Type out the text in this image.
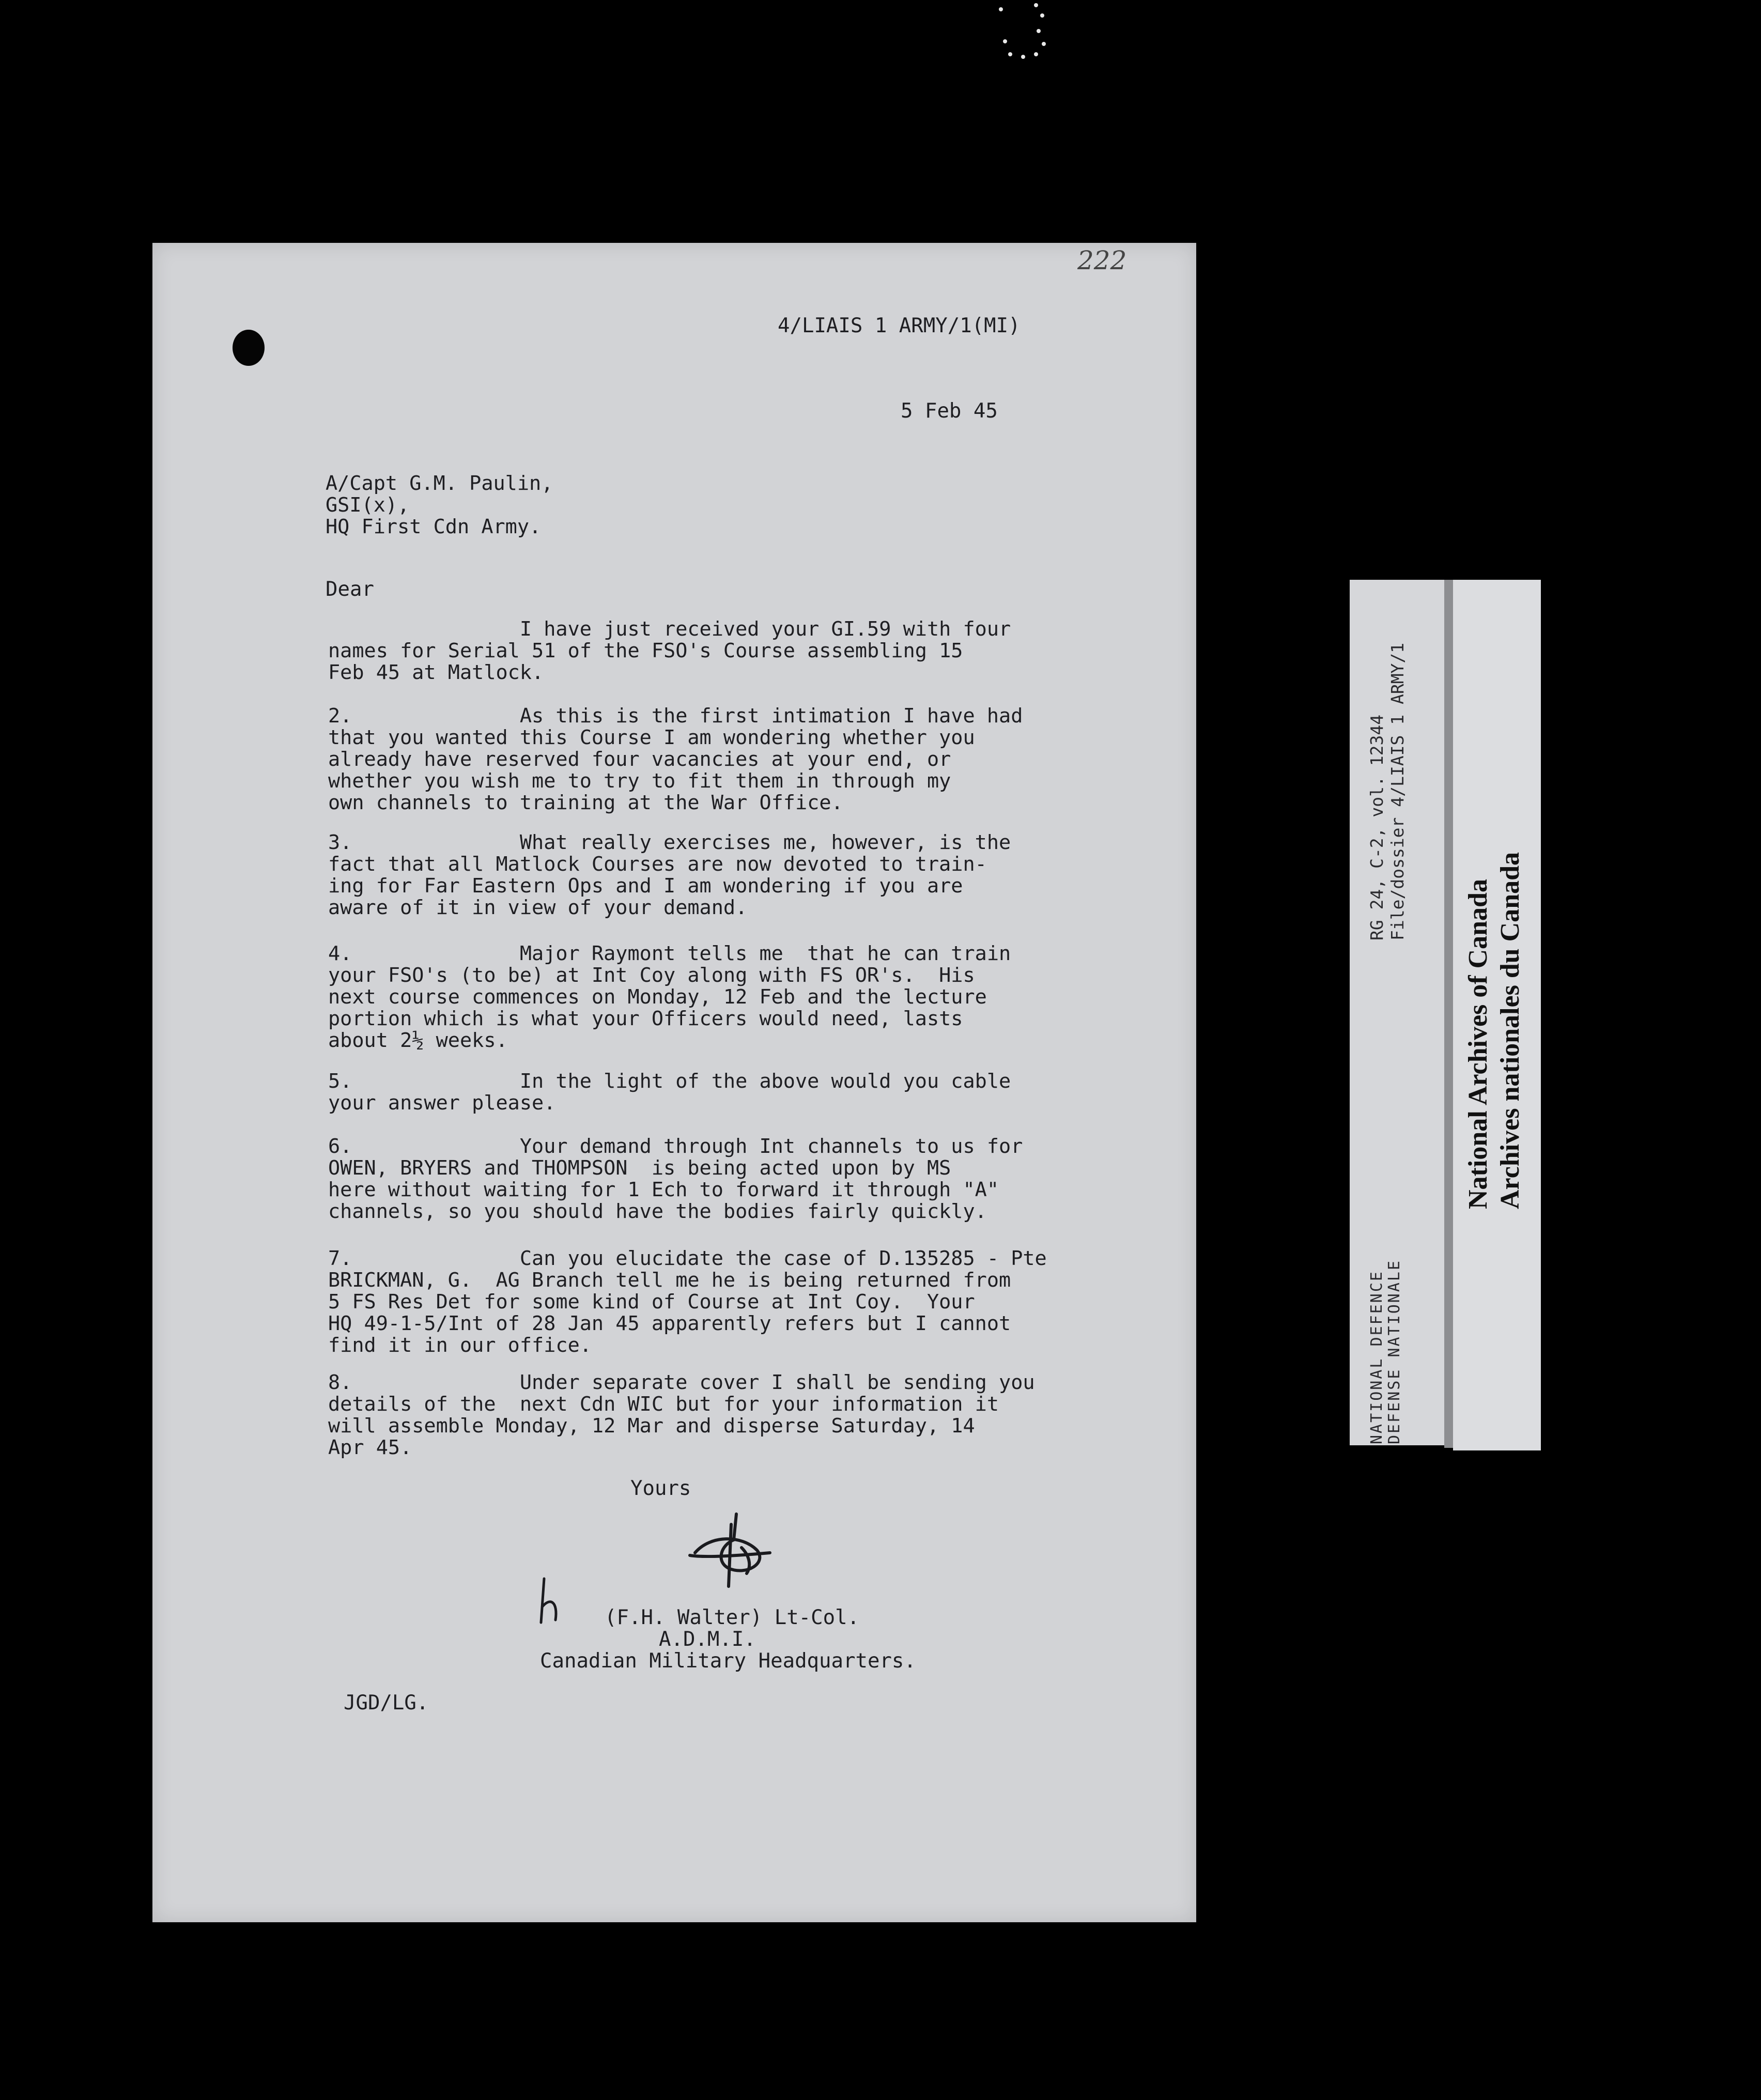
222
4/LIAIS 1 ARMY/1(MI)
5 Feb 45
A/Capt G.M. Paulin,
GSI(x),
HQ First Cdn Army.
Dear
I have just received your GI.59 with four
names for Serial 51 of the FSO's Course assembling 15
Feb 45 at Matlock.
2.              As this is the first intimation I have had
that you wanted this Course I am wondering whether you
already have reserved four vacancies at your end, or
whether you wish me to try to fit them in through my
own channels to training at the War Office.
3.              What really exercises me, however, is the
fact that all Matlock Courses are now devoted to train-
ing for Far Eastern Ops and I am wondering if you are
aware of it in view of your demand.
4.              Major Raymont tells me  that he can train
your FSO's (to be) at Int Coy along with FS OR's.  His
next course commences on Monday, 12 Feb and the lecture
portion which is what your Officers would need, lasts
about 2½ weeks.
5.              In the light of the above would you cable
your answer please.
6.              Your demand through Int channels to us for
OWEN, BRYERS and THOMPSON  is being acted upon by MS
here without waiting for 1 Ech to forward it through "A"
channels, so you should have the bodies fairly quickly.
7.              Can you elucidate the case of D.135285 - Pte
BRICKMAN, G.  AG Branch tell me he is being returned from
5 FS Res Det for some kind of Course at Int Coy.  Your
HQ 49-1-5/Int of 28 Jan 45 apparently refers but I cannot
find it in our office.
8.              Under separate cover I shall be sending you
details of the  next Cdn WIC but for your information it
will assemble Monday, 12 Mar and disperse Saturday, 14
Apr 45.
Yours
(F.H. Walter) Lt-Col.
A.D.M.I.
Canadian Military Headquarters.
JGD/LG.
NATIONAL DEFENCE DEFENSE NATIONALE
RG 24, C-2, vol. 12344 File/dossier 4/LIAIS 1 ARMY/1
National Archives of Canada Archives nationales du Canada
